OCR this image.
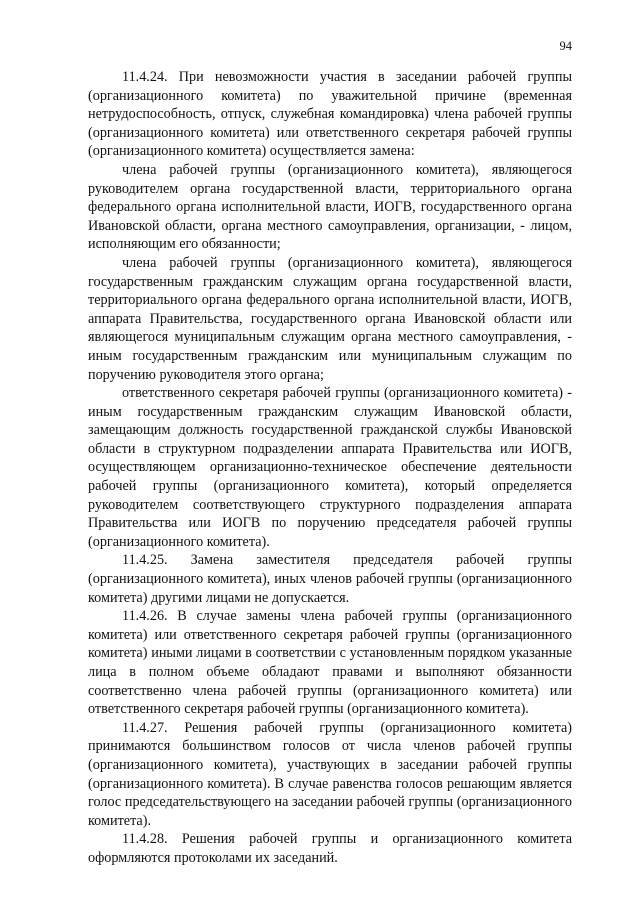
94

11.4.24. При невозможности участия в заседании рабочей группы (организационного комитета) по уважительной причине (временная нетрудоспособность, отпуск, служебная командировка) члена рабочей группы (организационного комитета) или ответственного секретаря рабочей группы (организационного комитета) осуществляется замена:

члена рабочей группы (организационного комитета), являющегося руководителем органа государственной власти, территориального органа федерального органа исполнительной власти, ИОГВ, государственного органа Ивановской области, органа местного самоуправления, организации, - лицом, исполняющим его обязанности;

члена рабочей группы (организационного комитета), являющегося государственным гражданским служащим органа государственной власти, территориального органа федерального органа исполнительной власти, ИОГВ, аппарата Правительства, государственного органа Ивановской области или являющегося муниципальным служащим органа местного самоуправления, - иным государственным гражданским или муниципальным служащим по поручению руководителя этого органа;

ответственного секретаря рабочей группы (организационного комитета) - иным государственным гражданским служащим Ивановской области, замещающим должность государственной гражданской службы Ивановской области в структурном подразделении аппарата Правительства или ИОГВ, осуществляющем организационно-техническое обеспечение деятельности рабочей группы (организационного комитета), который определяется руководителем соответствующего структурного подразделения аппарата Правительства или ИОГВ по поручению председателя рабочей группы (организационного комитета).

11.4.25. Замена заместителя председателя рабочей группы (организационного комитета), иных членов рабочей группы (организационного комитета) другими лицами не допускается.

11.4.26. В случае замены члена рабочей группы (организационного комитета) или ответственного секретаря рабочей группы (организационного комитета) иными лицами в соответствии с установленным порядком указанные лица в полном объеме обладают правами и выполняют обязанности соответственно члена рабочей группы (организационного комитета) или ответственного секретаря рабочей группы (организационного комитета).

11.4.27. Решения рабочей группы (организационного комитета) принимаются большинством голосов от числа членов рабочей группы (организационного комитета), участвующих в заседании рабочей группы (организационного комитета). В случае равенства голосов решающим является голос председательствующего на заседании рабочей группы (организационного комитета).

11.4.28. Решения рабочей группы и организационного комитета оформляются протоколами их заседаний.
